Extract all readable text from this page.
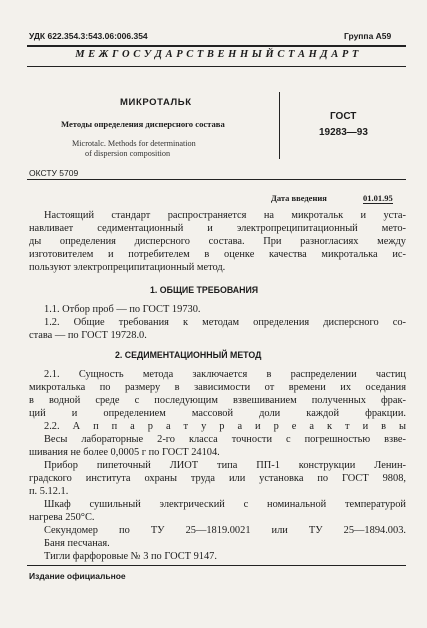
УДК 622.354.3:543.06:006.354	Группа А59
М Е Ж Г О С У Д А Р С Т В Е Н Н Ы Й С Т А Н Д А Р Т
МИКРОТАЛЬК
Методы определения дисперсного состава
Microtalc. Methods for determination
of dispersion composition
ГОСТ
19283—93
ОКСТУ 5709
Дата введения	01.01.95

Настоящий стандарт распространяется на микротальк и уста-

навливает седиментационный и электропреципитационный мето-

ды определения дисперсного состава. При разногласиях между

изготовителем и потребителем в оценке качества микроталька ис-

пользуют электропреципитационный метод.

1. ОБЩИЕ ТРЕБОВАНИЯ

1.1. Отбор проб — по ГОСТ 19730.

1.2. Общие требования к методам определения дисперсного со-

става — по ГОСТ 19728.0.

2. СЕДИМЕНТАЦИОННЫЙ МЕТОД

2.1. Сущность метода заключается в распределении частиц

микроталька по размеру в зависимости от времени их оседания

в водной среде с последующим взвешиванием полученных фрак-

ций и определением массовой доли каждой фракции.

2.2. А п п а р а т у р а и р е а к т и в ы

Весы лабораторные 2-го класса точности с погрешностью взве-

шивания не более 0,0005 г по ГОСТ 24104.

Прибор пипеточный ЛИОТ типа ПП-1 конструкции Ленин-

градского института охраны труда или установка по ГОСТ 9808,

п. 5.12.1.

Шкаф сушильный электрический с номинальной температурой

нагрева 250°С.

Секундомер по ТУ 25—1819.0021 или ТУ 25—1894.003.

Баня песчаная.

Тигли фарфоровые № 3 по ГОСТ 9147.

Издание официальное
